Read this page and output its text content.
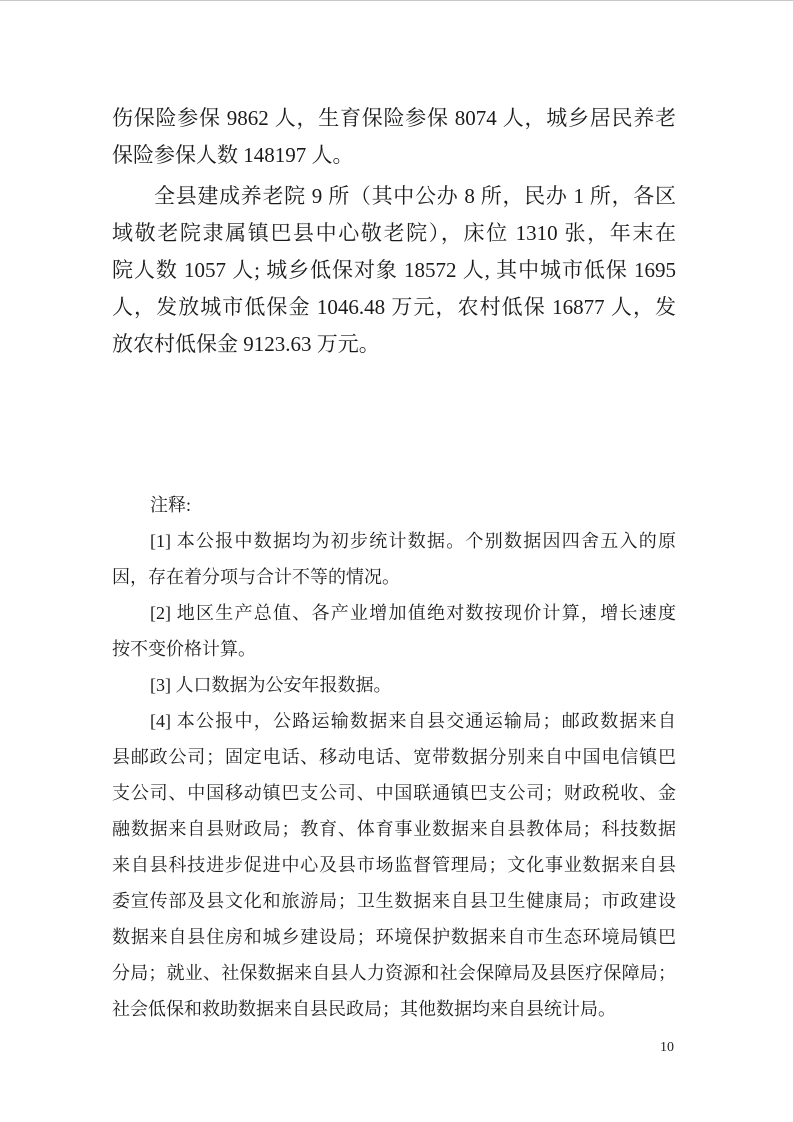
伤保险参保 9862 人，生育保险参保 8074 人，城乡居民养老
保险参保人数 148197 人。
全县建成养老院 9 所（其中公办 8 所，民办 1 所，各区
域敬老院隶属镇巴县中心敬老院），床位 1310 张，年末在
院人数 1057 人; 城乡低保对象 18572 人, 其中城市低保 1695
人，发放城市低保金 1046.48 万元，农村低保 16877 人，发
放农村低保金 9123.63 万元。
注释:
[1] 本公报中数据均为初步统计数据。个别数据因四舍五入的原
因，存在着分项与合计不等的情况。
[2] 地区生产总值、各产业增加值绝对数按现价计算，增长速度
按不变价格计算。
[3] 人口数据为公安年报数据。
[4] 本公报中，公路运输数据来自县交通运输局；邮政数据来自
县邮政公司；固定电话、移动电话、宽带数据分别来自中国电信镇巴
支公司、中国移动镇巴支公司、中国联通镇巴支公司；财政税收、金
融数据来自县财政局；教育、体育事业数据来自县教体局；科技数据
来自县科技进步促进中心及县市场监督管理局；文化事业数据来自县
委宣传部及县文化和旅游局；卫生数据来自县卫生健康局；市政建设
数据来自县住房和城乡建设局；环境保护数据来自市生态环境局镇巴
分局；就业、社保数据来自县人力资源和社会保障局及县医疗保障局；
社会低保和救助数据来自县民政局；其他数据均来自县统计局。
10
